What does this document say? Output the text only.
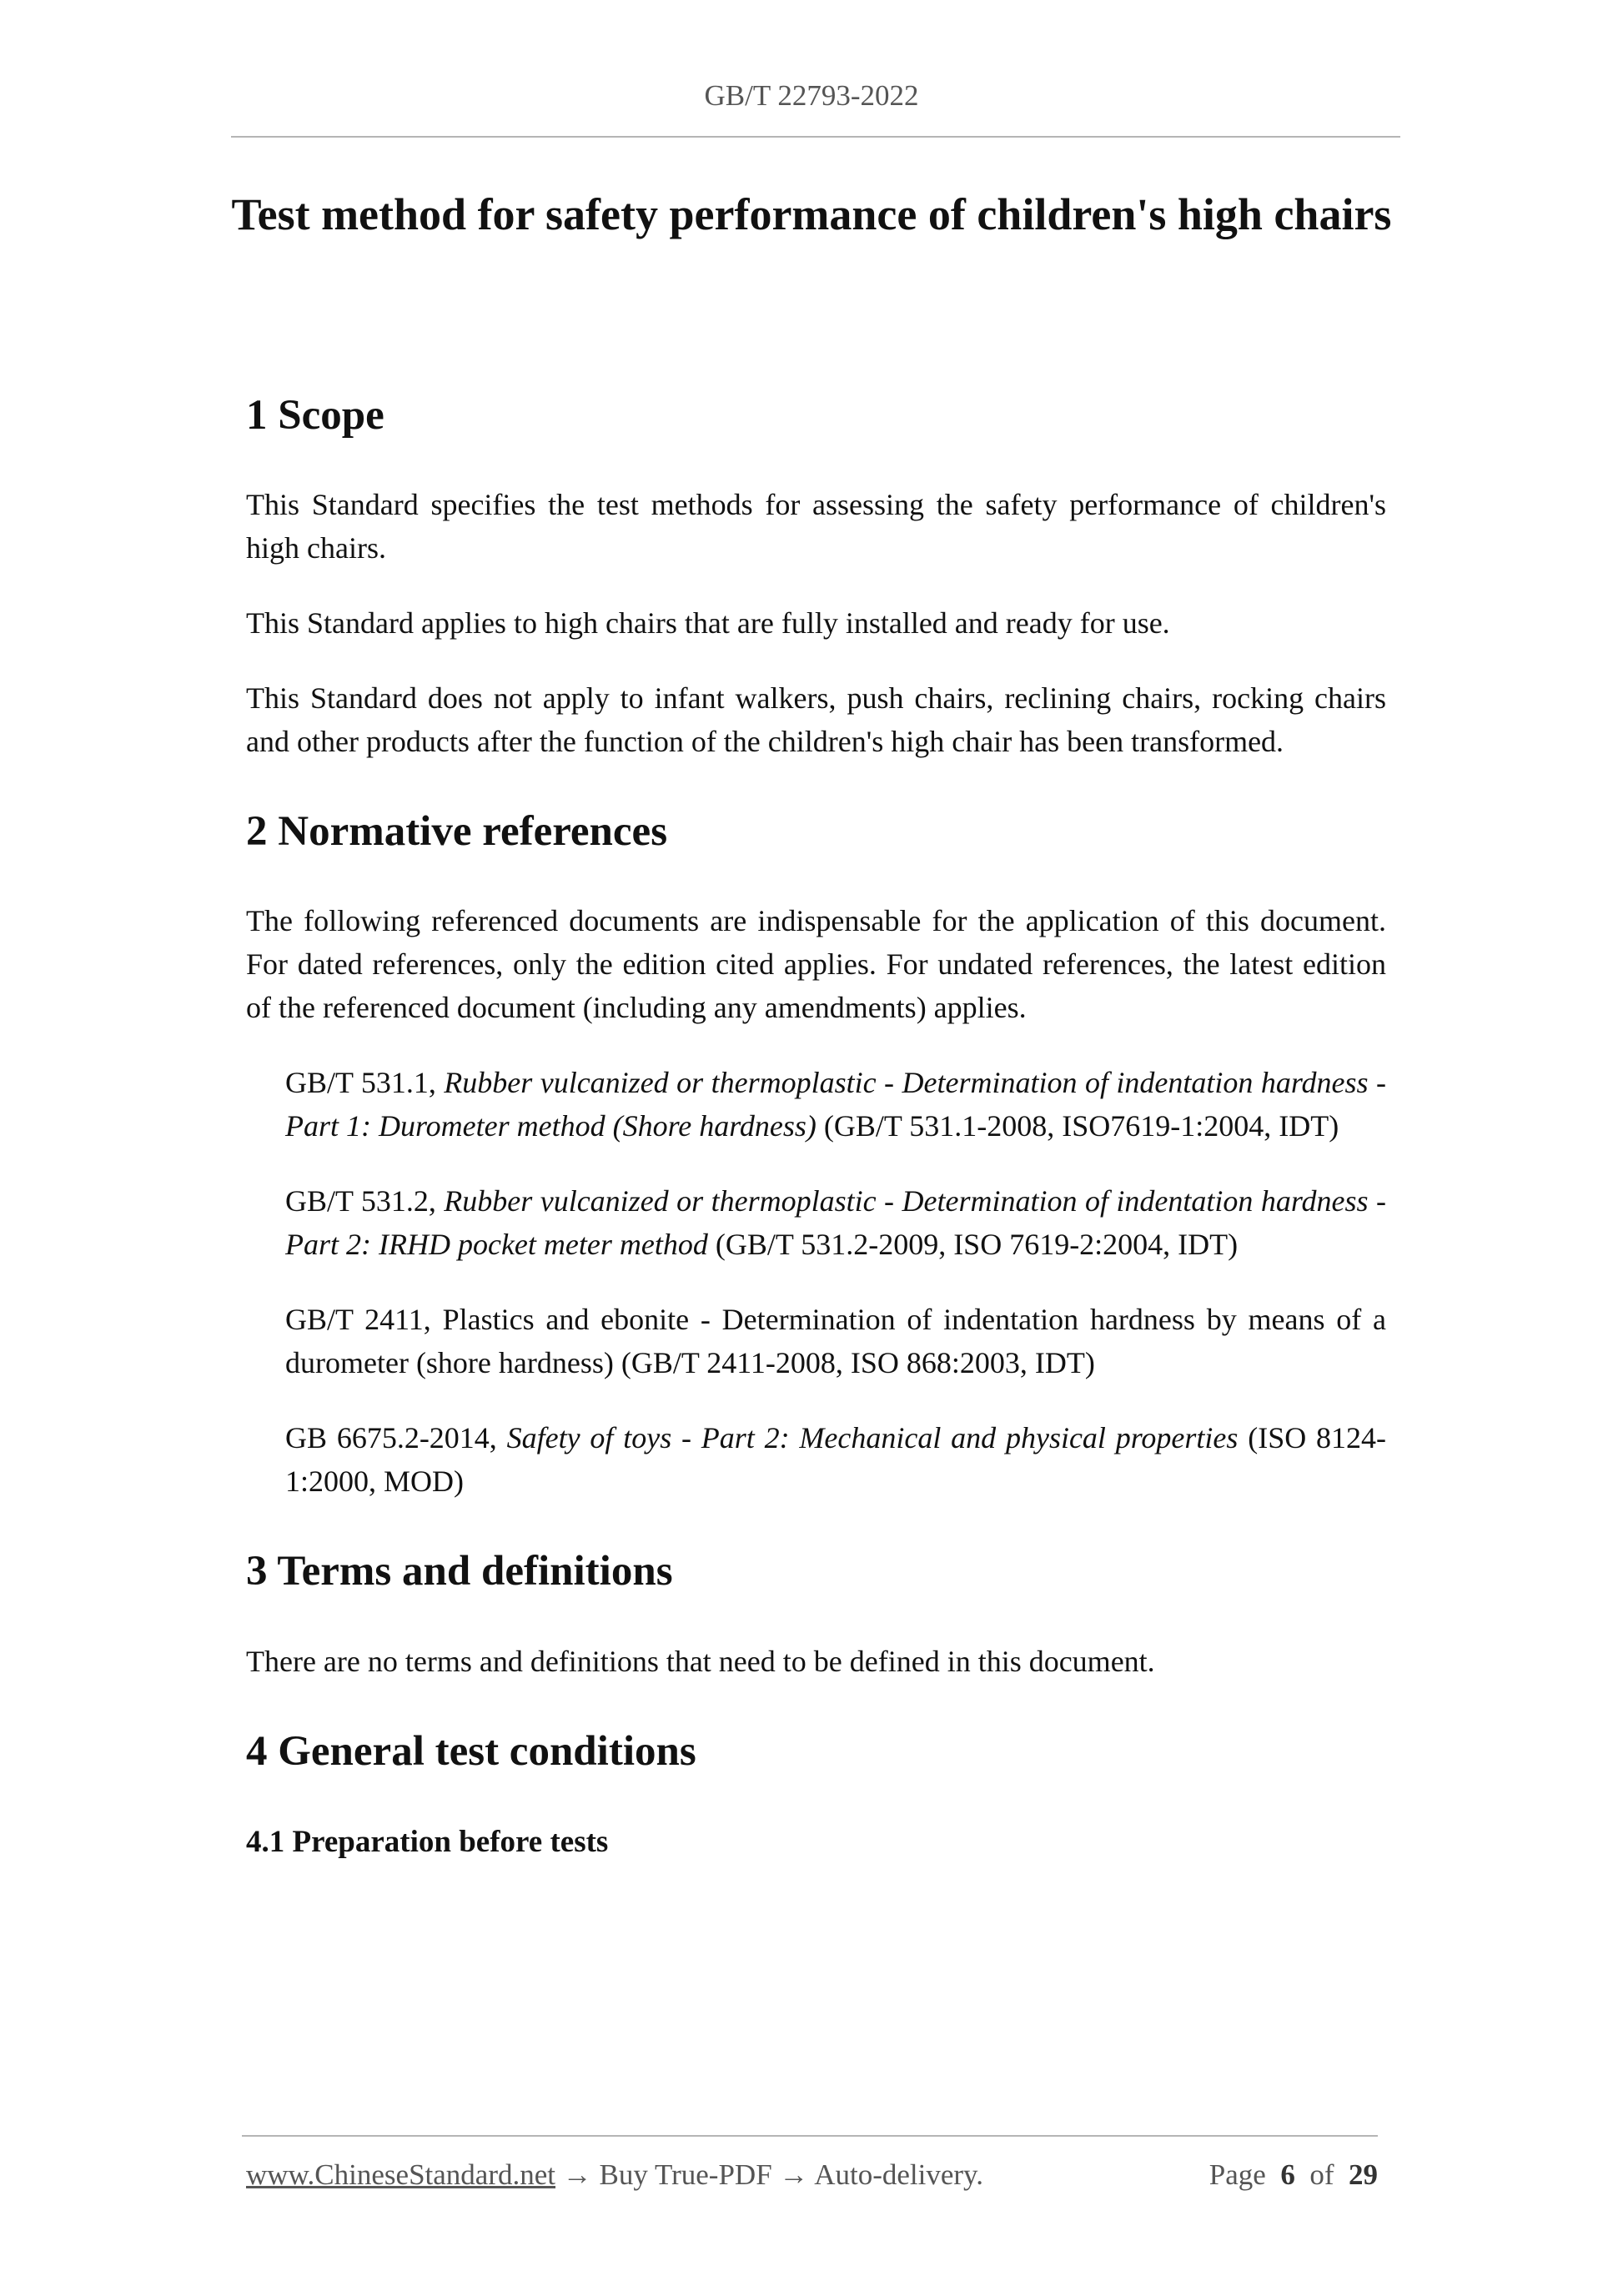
GB/T 22793-2022
Test method for safety performance of children's high chairs
1 Scope

This Standard specifies the test methods for assessing the safety performance of children's high chairs.

This Standard applies to high chairs that are fully installed and ready for use.

This Standard does not apply to infant walkers, push chairs, reclining chairs, rocking chairs and other products after the function of the children's high chair has been transformed.

2 Normative references

The following referenced documents are indispensable for the application of this document. For dated references, only the edition cited applies. For undated references, the latest edition of the referenced document (including any amendments) applies.

GB/T 531.1, Rubber vulcanized or thermoplastic - Determination of indentation hardness - Part 1: Durometer method (Shore hardness) (GB/T 531.1-2008, ISO7619-1:2004, IDT)

GB/T 531.2, Rubber vulcanized or thermoplastic - Determination of indentation hardness - Part 2: IRHD pocket meter method (GB/T 531.2-2009, ISO 7619-2:2004, IDT)

GB/T 2411, Plastics and ebonite - Determination of indentation hardness by means of a durometer (shore hardness) (GB/T 2411-2008, ISO 868:2003, IDT)

GB 6675.2-2014, Safety of toys - Part 2: Mechanical and physical properties (ISO 8124-1:2000, MOD)

3 Terms and definitions

There are no terms and definitions that need to be defined in this document.

4 General test conditions
4.1 Preparation before tests
www.ChineseStandard.net → Buy True-PDF → Auto-delivery.	Page 6 of 29
